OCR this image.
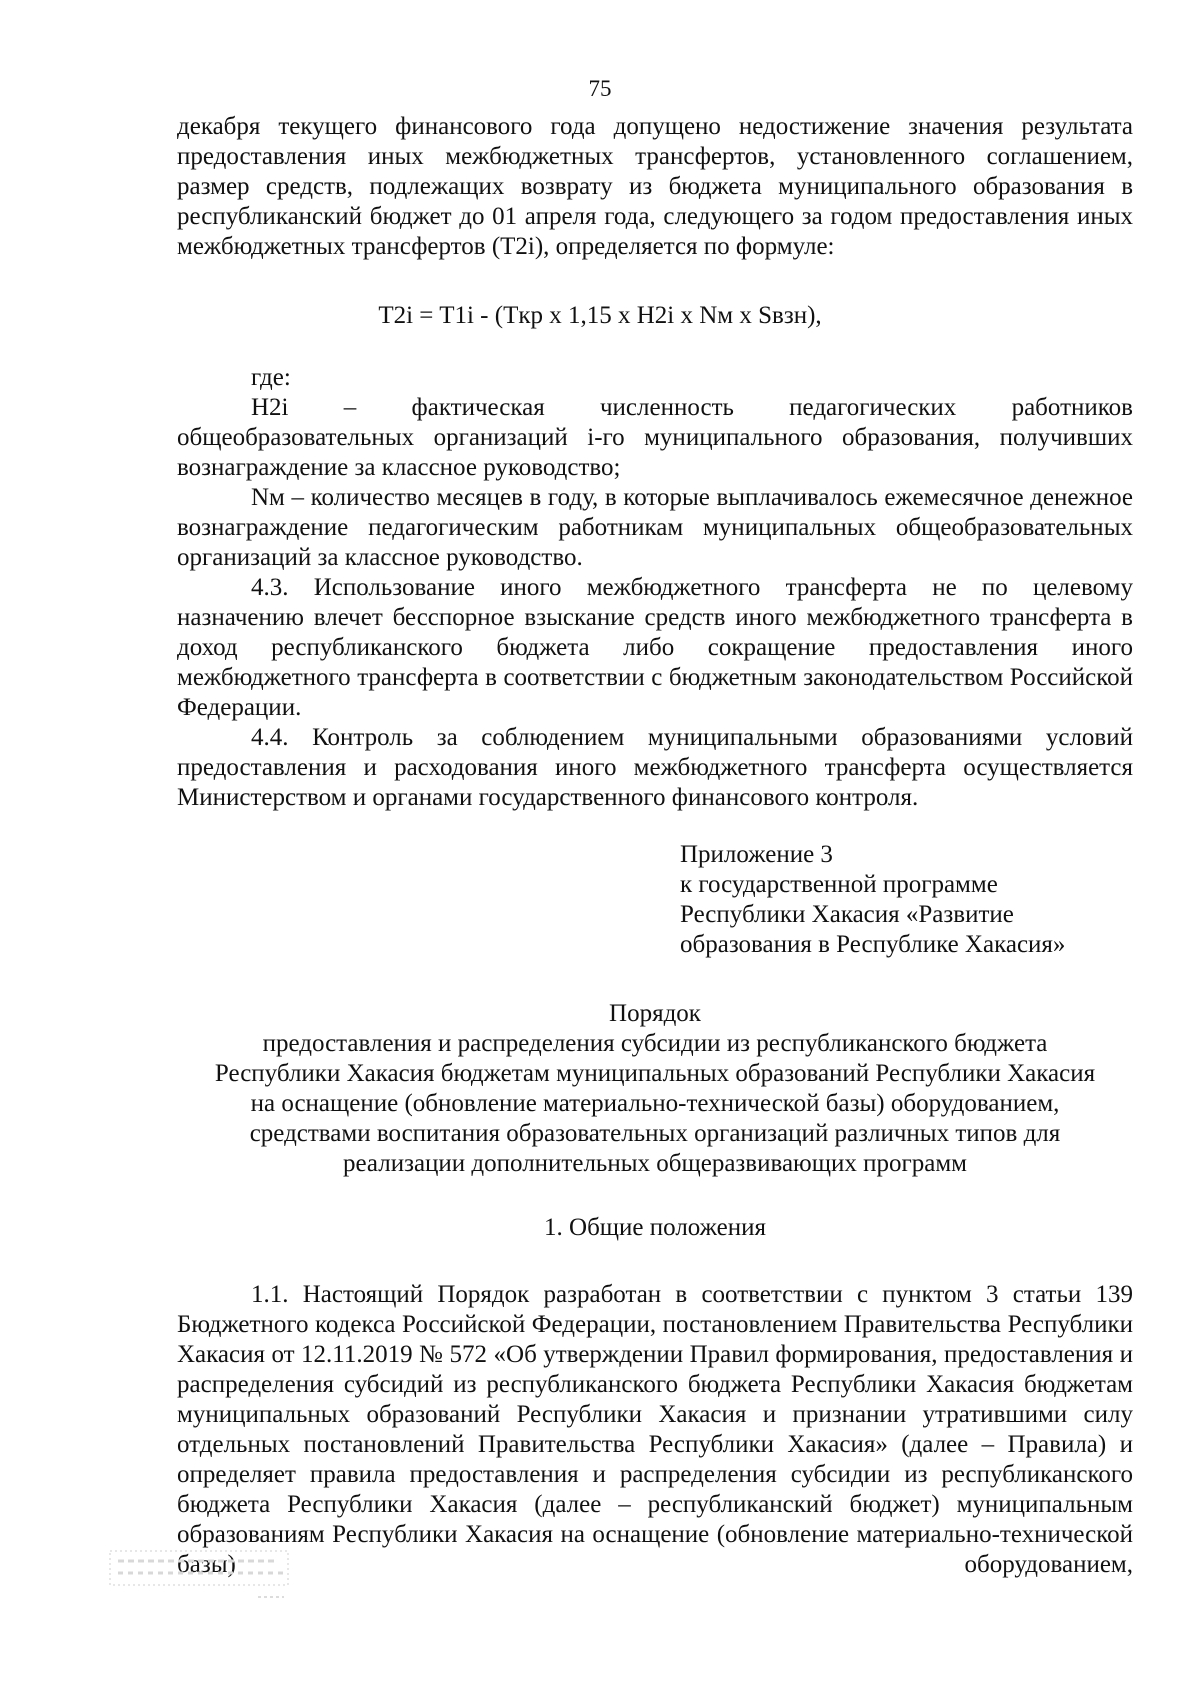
75

декабря текущего финансового года допущено недостижение значения результата предоставления иных межбюджетных трансфертов, установленного соглашением, размер средств, подлежащих возврату из бюджета муниципального образования в республиканский бюджет до 01 апреля года, следующего за годом предоставления иных межбюджетных трансфертов (T2i), определяется по формуле:

T2i = T1i - (Tкр x 1,15 x H2i x Nм x Sвзн),

где:

H2i – фактическая численность педагогических работников

общеобразовательных организаций i-го муниципального образования, получивших вознаграждение за классное руководство;

Nм – количество месяцев в году, в которые выплачивалось ежемесячное денежное вознаграждение педагогическим работникам муниципальных общеобразовательных организаций за классное руководство.

4.3. Использование иного межбюджетного трансферта не по целевому назначению влечет бесспорное взыскание средств иного межбюджетного трансферта в доход республиканского бюджета либо сокращение предоставления иного межбюджетного трансферта в соответствии с бюджетным законодательством Российской Федерации.

4.4. Контроль за соблюдением муниципальными образованиями условий предоставления и расходования иного межбюджетного трансферта осуществляется Министерством и органами государственного финансового контроля.

Приложение 3
к государственной программе
Республики Хакасия «Развитие
образования в Республике Хакасия»
Порядок
предоставления и распределения субсидии из республиканского бюджета
Республики Хакасия бюджетам муниципальных образований Республики Хакасия
на оснащение (обновление материально-технической базы) оборудованием,
средствами воспитания образовательных организаций различных типов для
реализации дополнительных общеразвивающих программ
1. Общие положения

1.1. Настоящий Порядок разработан в соответствии с пунктом 3 статьи 139 Бюджетного кодекса Российской Федерации, постановлением Правительства Республики Хакасия от 12.11.2019 № 572 «Об утверждении Правил формирования, предоставления и распределения субсидий из республиканского бюджета Республики Хакасия бюджетам муниципальных образований Республики Хакасия и признании утратившими силу отдельных постановлений Правительства Республики Хакасия» (далее – Правила) и определяет правила предоставления и распределения субсидии из республиканского бюджета Республики Хакасия (далее – республиканский бюджет) муниципальным образованиям Республики Хакасия на оснащение (обновление материально-технической базы) оборудованием,
